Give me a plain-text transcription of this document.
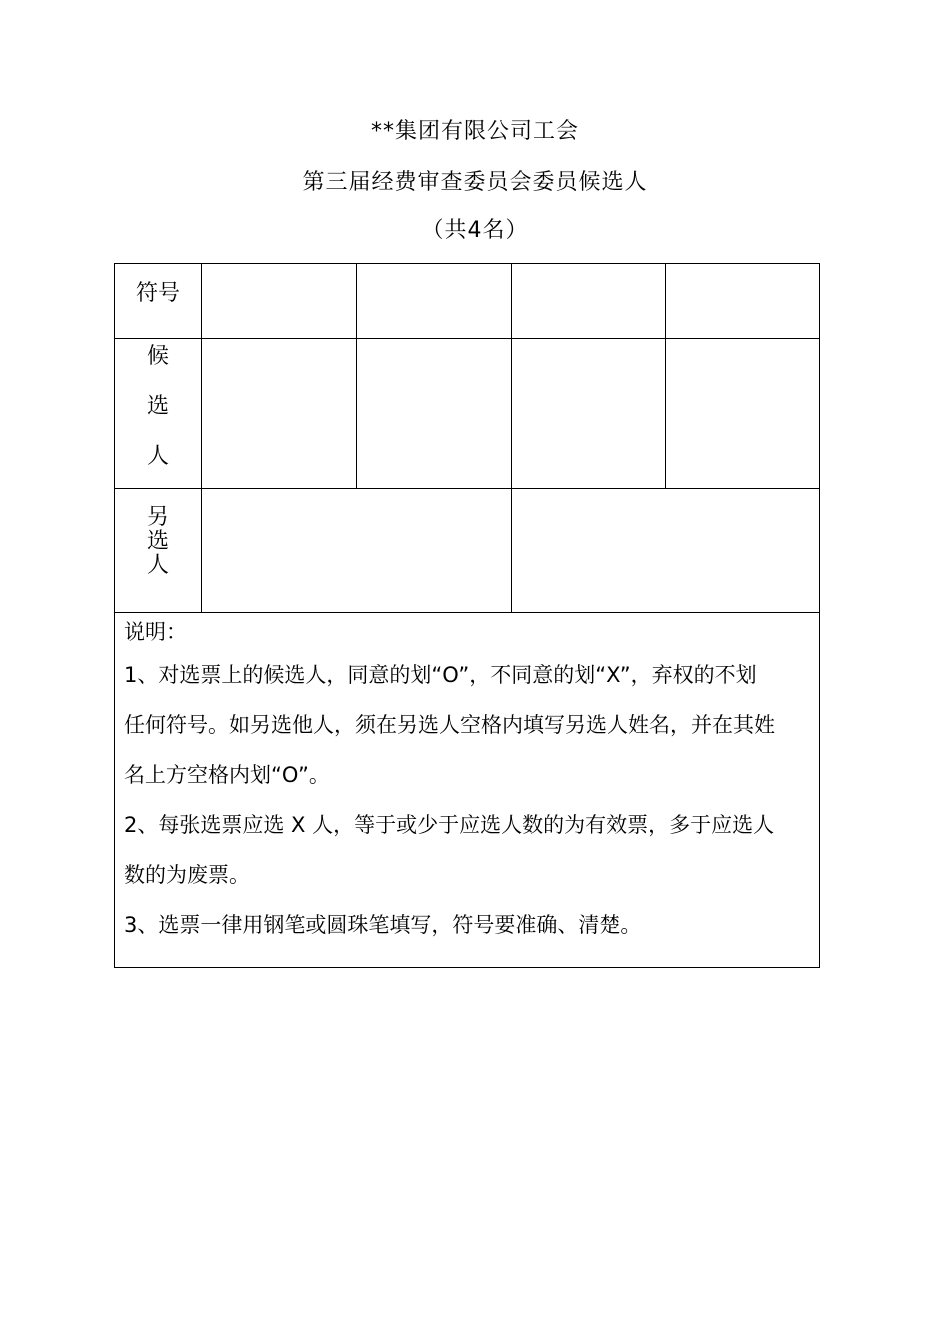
**集团有限公司工会
第三届经费审查委员会委员候选人
（共4名）
符号
候
选
人
另
选
人
说明：
1、对选票上的候选人，同意的划“O”，不同意的划“X”，弃权的不划
任何符号。如另选他人，须在另选人空格内填写另选人姓名，并在其姓
名上方空格内划“O”。
2、每张选票应选 X 人，等于或少于应选人数的为有效票，多于应选人
数的为废票。
3、选票一律用钢笔或圆珠笔填写，符号要准确、清楚。
